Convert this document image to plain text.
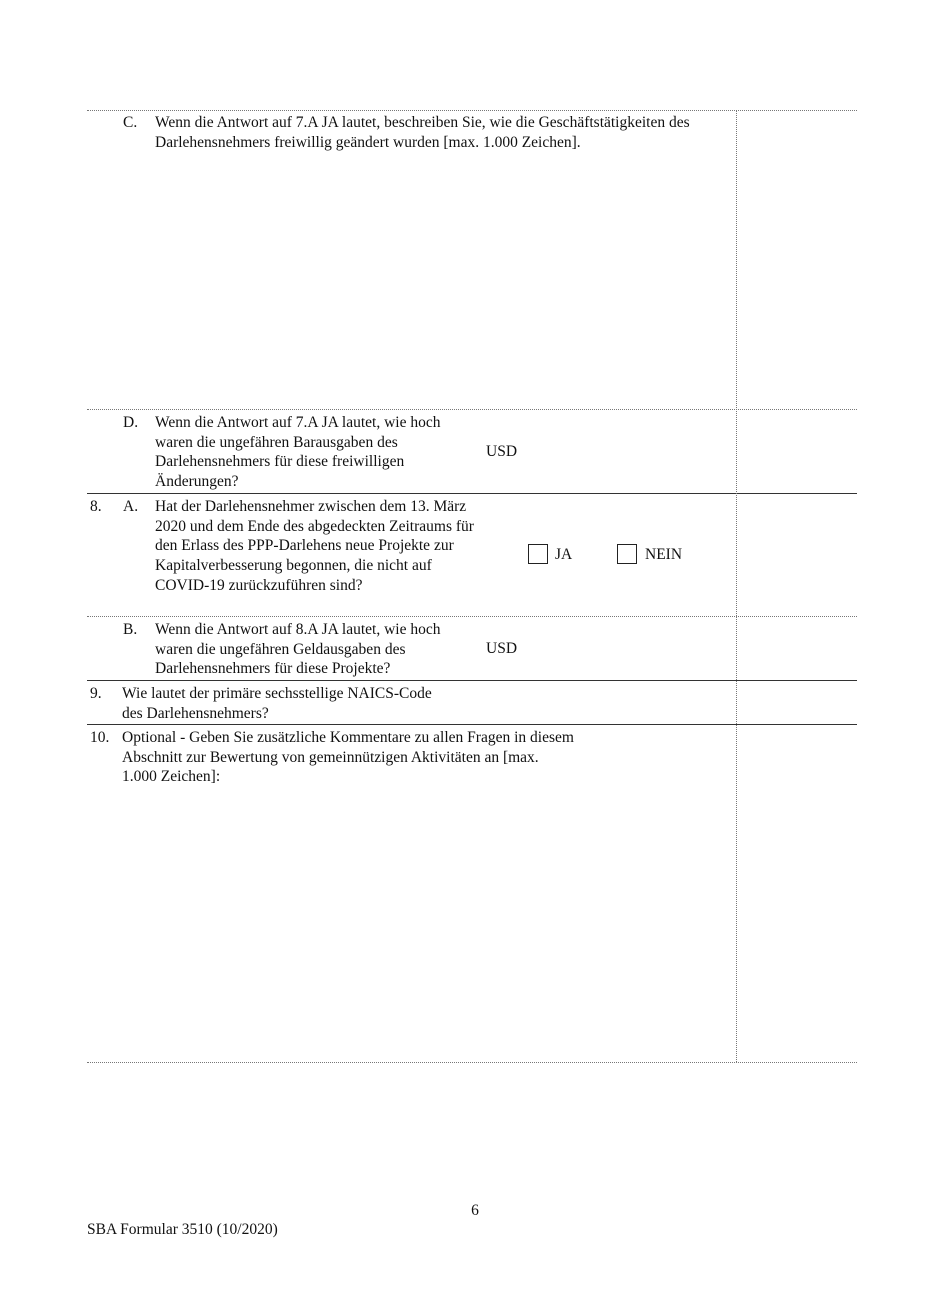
C. Wenn die Antwort auf 7.A JA lautet, beschreiben Sie, wie die Geschäftstätigkeiten des Darlehensnehmers freiwillig geändert wurden [max. 1.000 Zeichen].
D. Wenn die Antwort auf 7.A JA lautet, wie hoch waren die ungefähren Barausgaben des Darlehensnehmers für diese freiwilligen Änderungen?
USD
8. A. Hat der Darlehensnehmer zwischen dem 13. März 2020 und dem Ende des abgedeckten Zeitraums für den Erlass des PPP-Darlehens neue Projekte zur Kapitalverbesserung begonnen, die nicht auf COVID-19 zurückzuführen sind?
JA	NEIN
B. Wenn die Antwort auf 8.A JA lautet, wie hoch waren die ungefähren Geldausgaben des Darlehensnehmers für diese Projekte?
USD
9. Wie lautet der primäre sechsstellige NAICS-Code des Darlehensnehmers?
10. Optional - Geben Sie zusätzliche Kommentare zu allen Fragen in diesem Abschnitt zur Bewertung von gemeinnützigen Aktivitäten an [max. 1.000 Zeichen]:
6
SBA Formular 3510 (10/2020)
